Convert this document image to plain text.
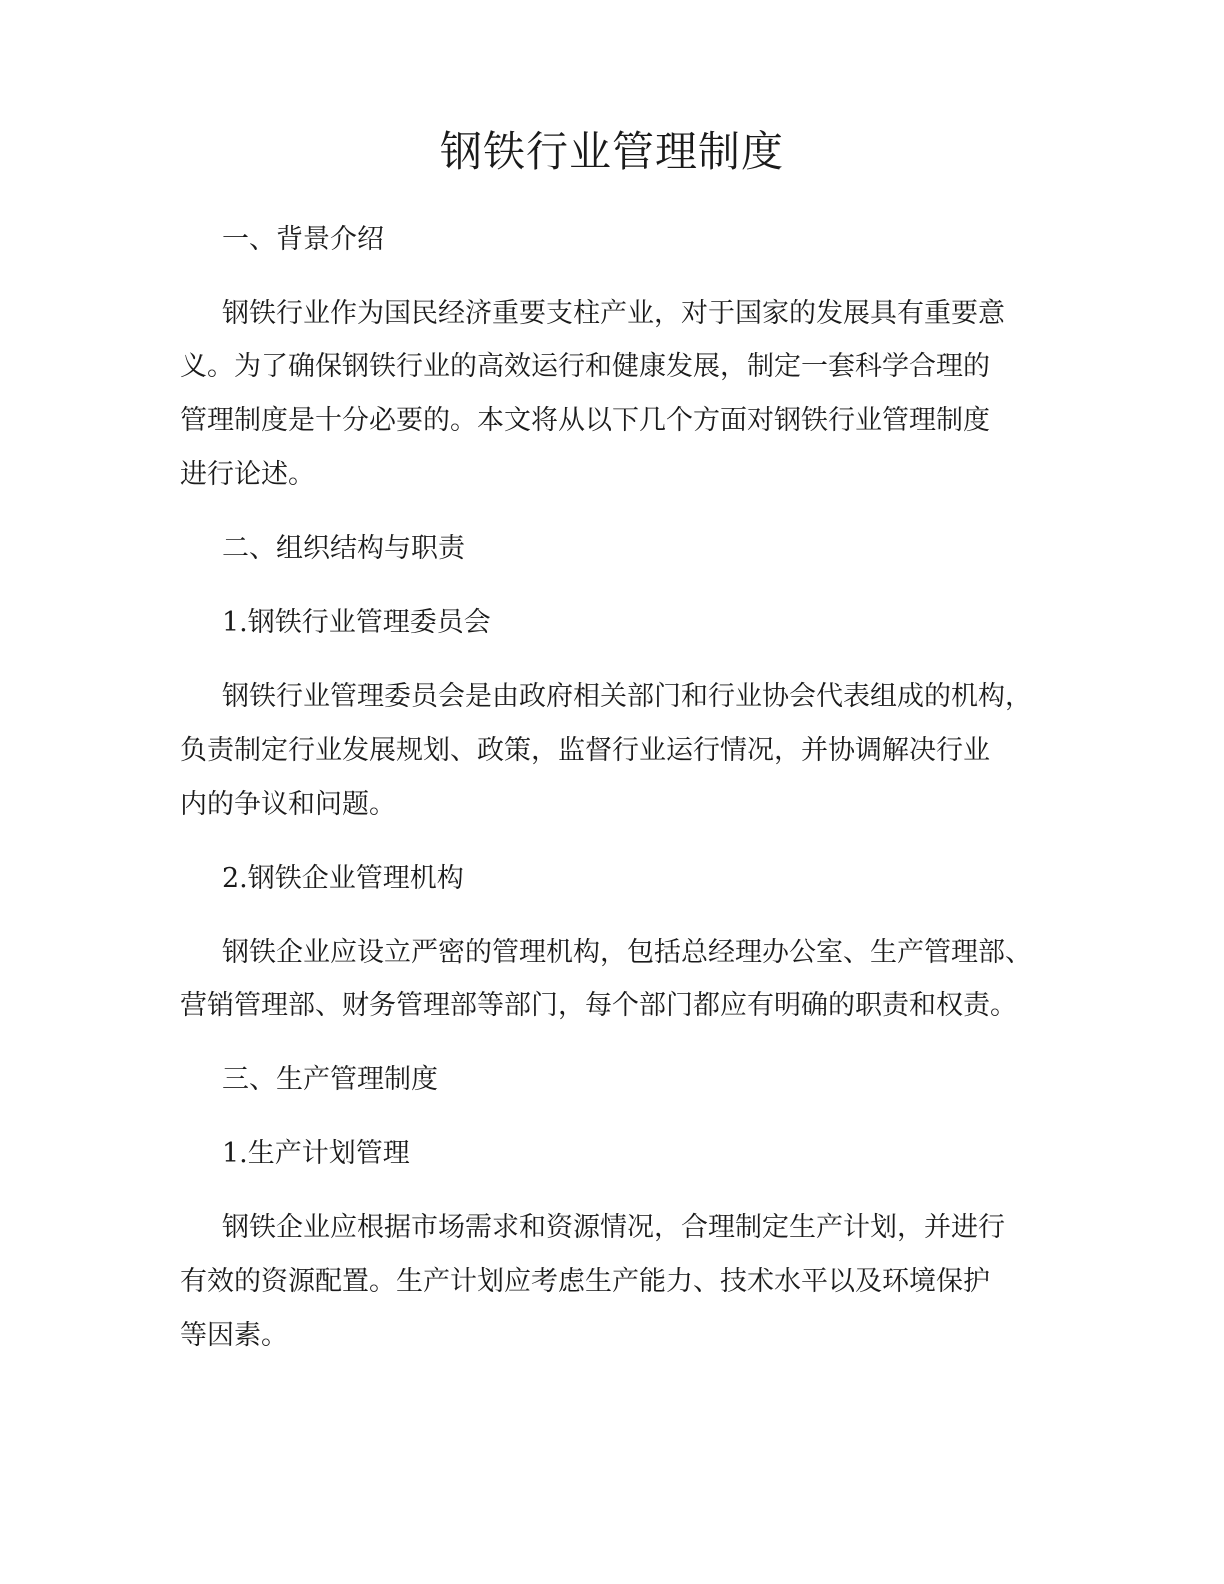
钢铁行业管理制度

一、背景介绍

钢铁行业作为国民经济重要支柱产业，对于国家的发展具有重要意

义。为了确保钢铁行业的高效运行和健康发展，制定一套科学合理的

管理制度是十分必要的。本文将从以下几个方面对钢铁行业管理制度

进行论述。

二、组织结构与职责

1.钢铁行业管理委员会

钢铁行业管理委员会是由政府相关部门和行业协会代表组成的机构，

负责制定行业发展规划、政策，监督行业运行情况，并协调解决行业

内的争议和问题。

2.钢铁企业管理机构

钢铁企业应设立严密的管理机构，包括总经理办公室、生产管理部、

营销管理部、财务管理部等部门，每个部门都应有明确的职责和权责。

三、生产管理制度

1.生产计划管理

钢铁企业应根据市场需求和资源情况，合理制定生产计划，并进行

有效的资源配置。生产计划应考虑生产能力、技术水平以及环境保护

等因素。
